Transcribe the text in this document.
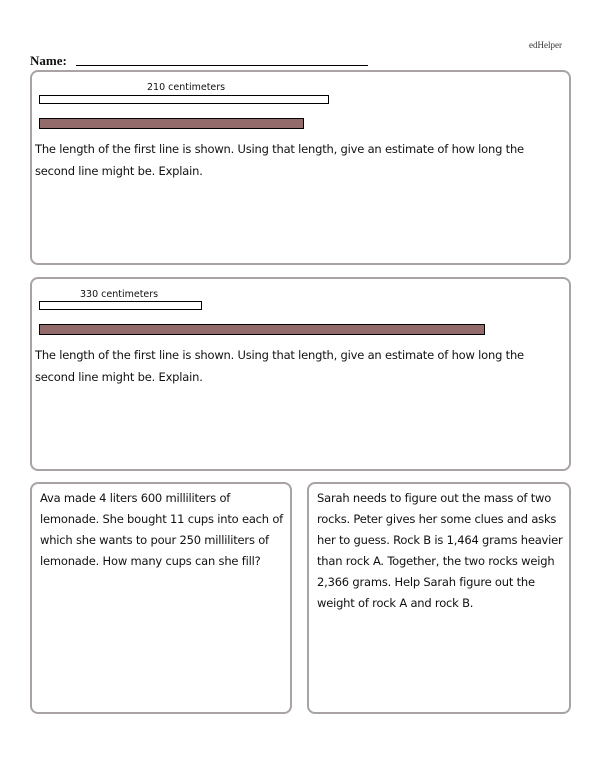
edHelper
Name:
210 centimeters
The length of the first line is shown. Using that length, give an estimate of how long the second line might be. Explain.
330 centimeters
The length of the first line is shown. Using that length, give an estimate of how long the second line might be. Explain.
Ava made 4 liters 600 milliliters of lemonade. She bought 11 cups into each of which she wants to pour 250 milliliters of lemonade. How many cups can she fill?
Sarah needs to figure out the mass of two rocks. Peter gives her some clues and asks her to guess. Rock B is 1,464 grams heavier than rock A. Together, the two rocks weigh 2,366 grams. Help Sarah figure out the weight of rock A and rock B.
